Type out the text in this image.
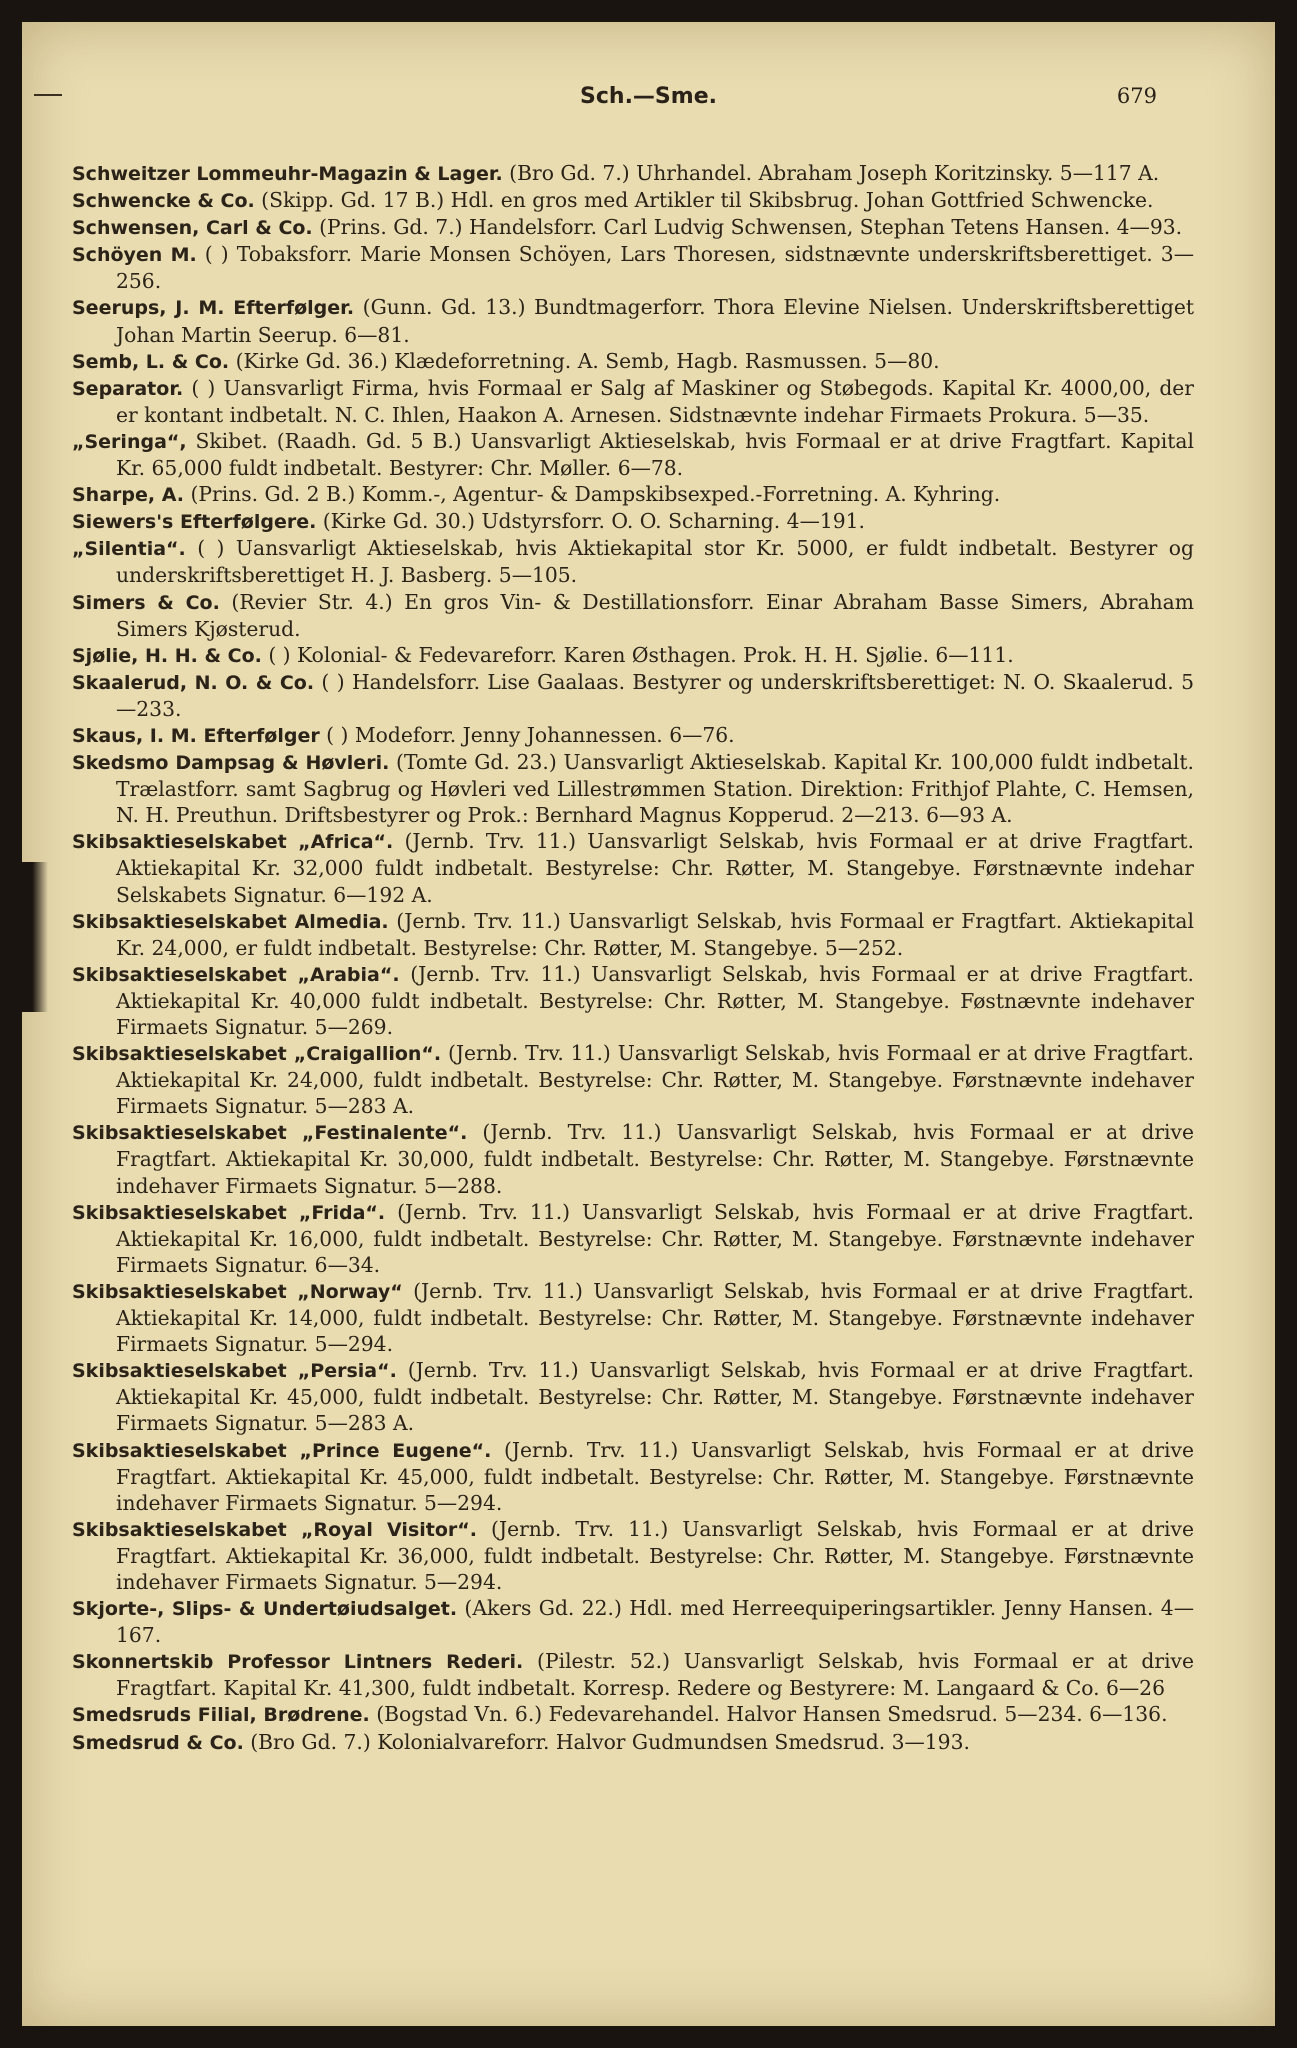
Sch.—Sme.	679

Schweitzer Lommeuhr-Magazin & Lager. (Bro Gd. 7.) Uhrhandel. Abraham Joseph Koritzinsky. 5—117 A.

Schwencke & Co. (Skipp. Gd. 17 B.) Hdl. en gros med Artikler til Skibsbrug. Johan Gottfried Schwencke.

Schwensen, Carl & Co. (Prins. Gd. 7.) Handelsforr. Carl Ludvig Schwensen, Stephan Tetens Hansen. 4—93.

Schöyen M. ( ) Tobaksforr. Marie Monsen Schöyen, Lars Thoresen, sidstnævnte underskriftsberettiget. 3—256.

Seerups, J. M. Efterfølger. (Gunn. Gd. 13.) Bundtmagerforr. Thora Elevine Nielsen. Underskriftsberettiget Johan Martin Seerup. 6—81.

Semb, L. & Co. (Kirke Gd. 36.) Klædeforretning. A. Semb, Hagb. Rasmussen. 5—80.

Separator. ( ) Uansvarligt Firma, hvis Formaal er Salg af Maskiner og Støbegods. Kapital Kr. 4000,00, der er kontant indbetalt. N. C. Ihlen, Haakon A. Arnesen. Sidstnævnte indehar Firmaets Prokura. 5—35.

„Seringa“, Skibet. (Raadh. Gd. 5 B.) Uansvarligt Aktieselskab, hvis Formaal er at drive Fragtfart. Kapital Kr. 65,000 fuldt indbetalt. Bestyrer: Chr. Møller. 6—78.

Sharpe, A. (Prins. Gd. 2 B.) Komm.-, Agentur- & Dampskibsexped.-Forretning. A. Kyhring.

Siewers's Efterfølgere. (Kirke Gd. 30.) Udstyrsforr. O. O. Scharning. 4—191.

„Silentia“. ( ) Uansvarligt Aktieselskab, hvis Aktiekapital stor Kr. 5000, er fuldt indbetalt. Bestyrer og underskriftsberettiget H. J. Basberg. 5—105.

Simers & Co. (Revier Str. 4.) En gros Vin- & Destillationsforr. Einar Abraham Basse Simers, Abraham Simers Kjøsterud.

Sjølie, H. H. & Co. ( ) Kolonial- & Fedevareforr. Karen Østhagen. Prok. H. H. Sjølie. 6—111.

Skaalerud, N. O. & Co. ( ) Handelsforr. Lise Gaalaas. Bestyrer og underskriftsberettiget: N. O. Skaalerud. 5—233.

Skaus, I. M. Efterfølger ( ) Modeforr. Jenny Johannessen. 6—76.

Skedsmo Dampsag & Høvleri. (Tomte Gd. 23.) Uansvarligt Aktieselskab. Kapital Kr. 100,000 fuldt indbetalt. Trælastforr. samt Sagbrug og Høvleri ved Lillestrømmen Station. Direktion: Frithjof Plahte, C. Hemsen, N. H. Preuthun. Driftsbestyrer og Prok.: Bernhard Magnus Kopperud. 2—213. 6—93 A.

Skibsaktieselskabet „Africa“. (Jernb. Trv. 11.) Uansvarligt Selskab, hvis Formaal er at drive Fragtfart. Aktiekapital Kr. 32,000 fuldt indbetalt. Bestyrelse: Chr. Røtter, M. Stangebye. Førstnævnte indehar Selskabets Signatur. 6—192 A.

Skibsaktieselskabet Almedia. (Jernb. Trv. 11.) Uansvarligt Selskab, hvis Formaal er Fragtfart. Aktiekapital Kr. 24,000, er fuldt indbetalt. Bestyrelse: Chr. Røtter, M. Stangebye. 5—252.

Skibsaktieselskabet „Arabia“. (Jernb. Trv. 11.) Uansvarligt Selskab, hvis Formaal er at drive Fragtfart. Aktiekapital Kr. 40,000 fuldt indbetalt. Bestyrelse: Chr. Røtter, M. Stangebye. Føstnævnte indehaver Firmaets Signatur. 5—269.

Skibsaktieselskabet „Craigallion“. (Jernb. Trv. 11.) Uansvarligt Selskab, hvis Formaal er at drive Fragtfart. Aktiekapital Kr. 24,000, fuldt indbetalt. Bestyrelse: Chr. Røtter, M. Stangebye. Førstnævnte indehaver Firmaets Signatur. 5—283 A.

Skibsaktieselskabet „Festinalente“. (Jernb. Trv. 11.) Uansvarligt Selskab, hvis Formaal er at drive Fragtfart. Aktiekapital Kr. 30,000, fuldt indbetalt. Bestyrelse: Chr. Røtter, M. Stangebye. Førstnævnte indehaver Firmaets Signatur. 5—288.

Skibsaktieselskabet „Frida“. (Jernb. Trv. 11.) Uansvarligt Selskab, hvis Formaal er at drive Fragtfart. Aktiekapital Kr. 16,000, fuldt indbetalt. Bestyrelse: Chr. Røtter, M. Stangebye. Førstnævnte indehaver Firmaets Signatur. 6—34.

Skibsaktieselskabet „Norway“ (Jernb. Trv. 11.) Uansvarligt Selskab, hvis Formaal er at drive Fragtfart. Aktiekapital Kr. 14,000, fuldt indbetalt. Bestyrelse: Chr. Røtter, M. Stangebye. Førstnævnte indehaver Firmaets Signatur. 5—294.

Skibsaktieselskabet „Persia“. (Jernb. Trv. 11.) Uansvarligt Selskab, hvis Formaal er at drive Fragtfart. Aktiekapital Kr. 45,000, fuldt indbetalt. Bestyrelse: Chr. Røtter, M. Stangebye. Førstnævnte indehaver Firmaets Signatur. 5—283 A.

Skibsaktieselskabet „Prince Eugene“. (Jernb. Trv. 11.) Uansvarligt Selskab, hvis Formaal er at drive Fragtfart. Aktiekapital Kr. 45,000, fuldt indbetalt. Bestyrelse: Chr. Røtter, M. Stangebye. Førstnævnte indehaver Firmaets Signatur. 5—294.

Skibsaktieselskabet „Royal Visitor“. (Jernb. Trv. 11.) Uansvarligt Selskab, hvis Formaal er at drive Fragtfart. Aktiekapital Kr. 36,000, fuldt indbetalt. Bestyrelse: Chr. Røtter, M. Stangebye. Førstnævnte indehaver Firmaets Signatur. 5—294.

Skjorte-, Slips- & Undertøiudsalget. (Akers Gd. 22.) Hdl. med Herreequiperingsartikler. Jenny Hansen. 4—167.

Skonnertskib Professor Lintners Rederi. (Pilestr. 52.) Uansvarligt Selskab, hvis Formaal er at drive Fragtfart. Kapital Kr. 41,300, fuldt indbetalt. Korresp. Redere og Bestyrere: M. Langaard & Co. 6—26

Smedsruds Filial, Brødrene. (Bogstad Vn. 6.) Fedevarehandel. Halvor Hansen Smedsrud. 5—234. 6—136.

Smedsrud & Co. (Bro Gd. 7.) Kolonialvareforr. Halvor Gudmundsen Smedsrud. 3—193.
